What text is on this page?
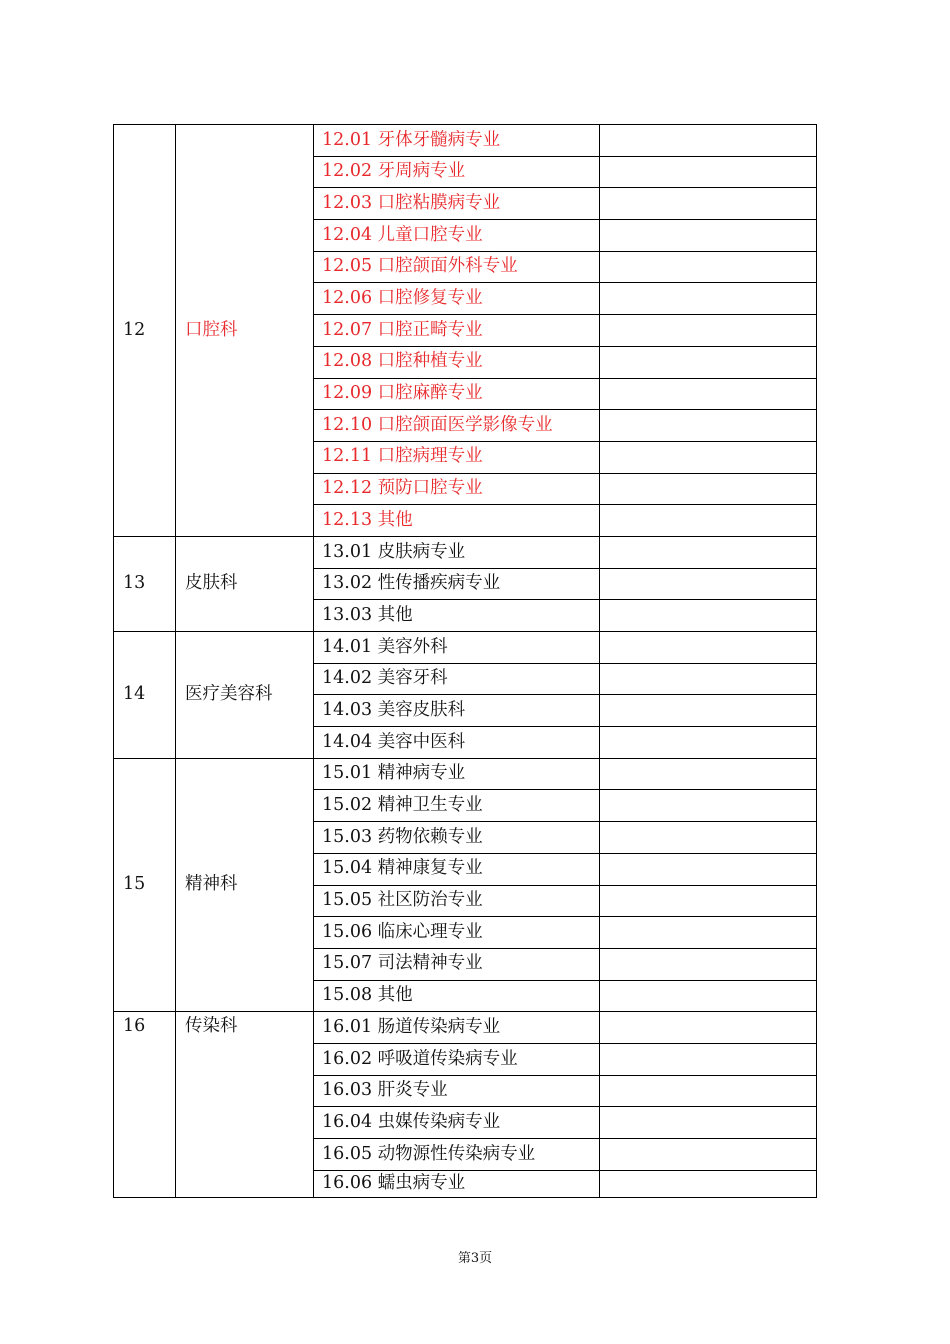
12	口腔科	12.01 牙体牙髓病专业	
		12.02 牙周病专业	
		12.03 口腔粘膜病专业	
		12.04 儿童口腔专业	
		12.05 口腔颌面外科专业	
		12.06 口腔修复专业	
		12.07 口腔正畸专业	
		12.08 口腔种植专业	
		12.09 口腔麻醉专业	
		12.10 口腔颌面医学影像专业	
		12.11 口腔病理专业	
		12.12 预防口腔专业	
		12.13 其他	
13	皮肤科	13.01 皮肤病专业	
		13.02 性传播疾病专业	
		13.03 其他	
14	医疗美容科	14.01 美容外科	
		14.02 美容牙科	
		14.03 美容皮肤科	
		14.04 美容中医科	
15	精神科	15.01 精神病专业	
		15.02 精神卫生专业	
		15.03 药物依赖专业	
		15.04 精神康复专业	
		15.05 社区防治专业	
		15.06 临床心理专业	
		15.07 司法精神专业	
		15.08 其他	
16	传染科	16.01 肠道传染病专业	
		16.02 呼吸道传染病专业	
		16.03 肝炎专业	
		16.04 虫媒传染病专业	
		16.05 动物源性传染病专业	
		16.06 蠕虫病专业	
第3页
